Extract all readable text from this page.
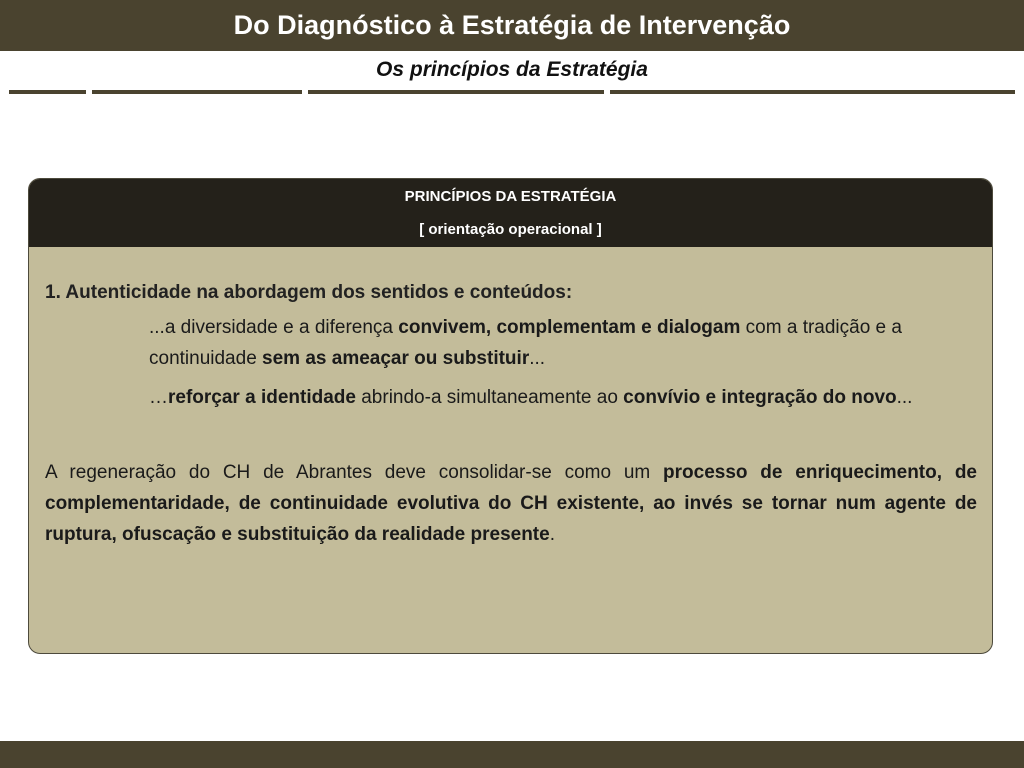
Do Diagnóstico à Estratégia de Intervenção
Os princípios da Estratégia
PRINCÍPIOS DA ESTRATÉGIA
[ orientação operacional ]
1. Autenticidade na abordagem dos sentidos e conteúdos:
...a diversidade e a diferença convivem, complementam e dialogam com a tradição e a continuidade sem as ameaçar ou substituir...
…reforçar a identidade abrindo-a simultaneamente ao convívio e integração do novo...
A regeneração do CH de Abrantes deve consolidar-se como um processo de enriquecimento, de complementaridade, de continuidade evolutiva do CH existente, ao invés se tornar num agente de ruptura, ofuscação e substituição da realidade presente.
